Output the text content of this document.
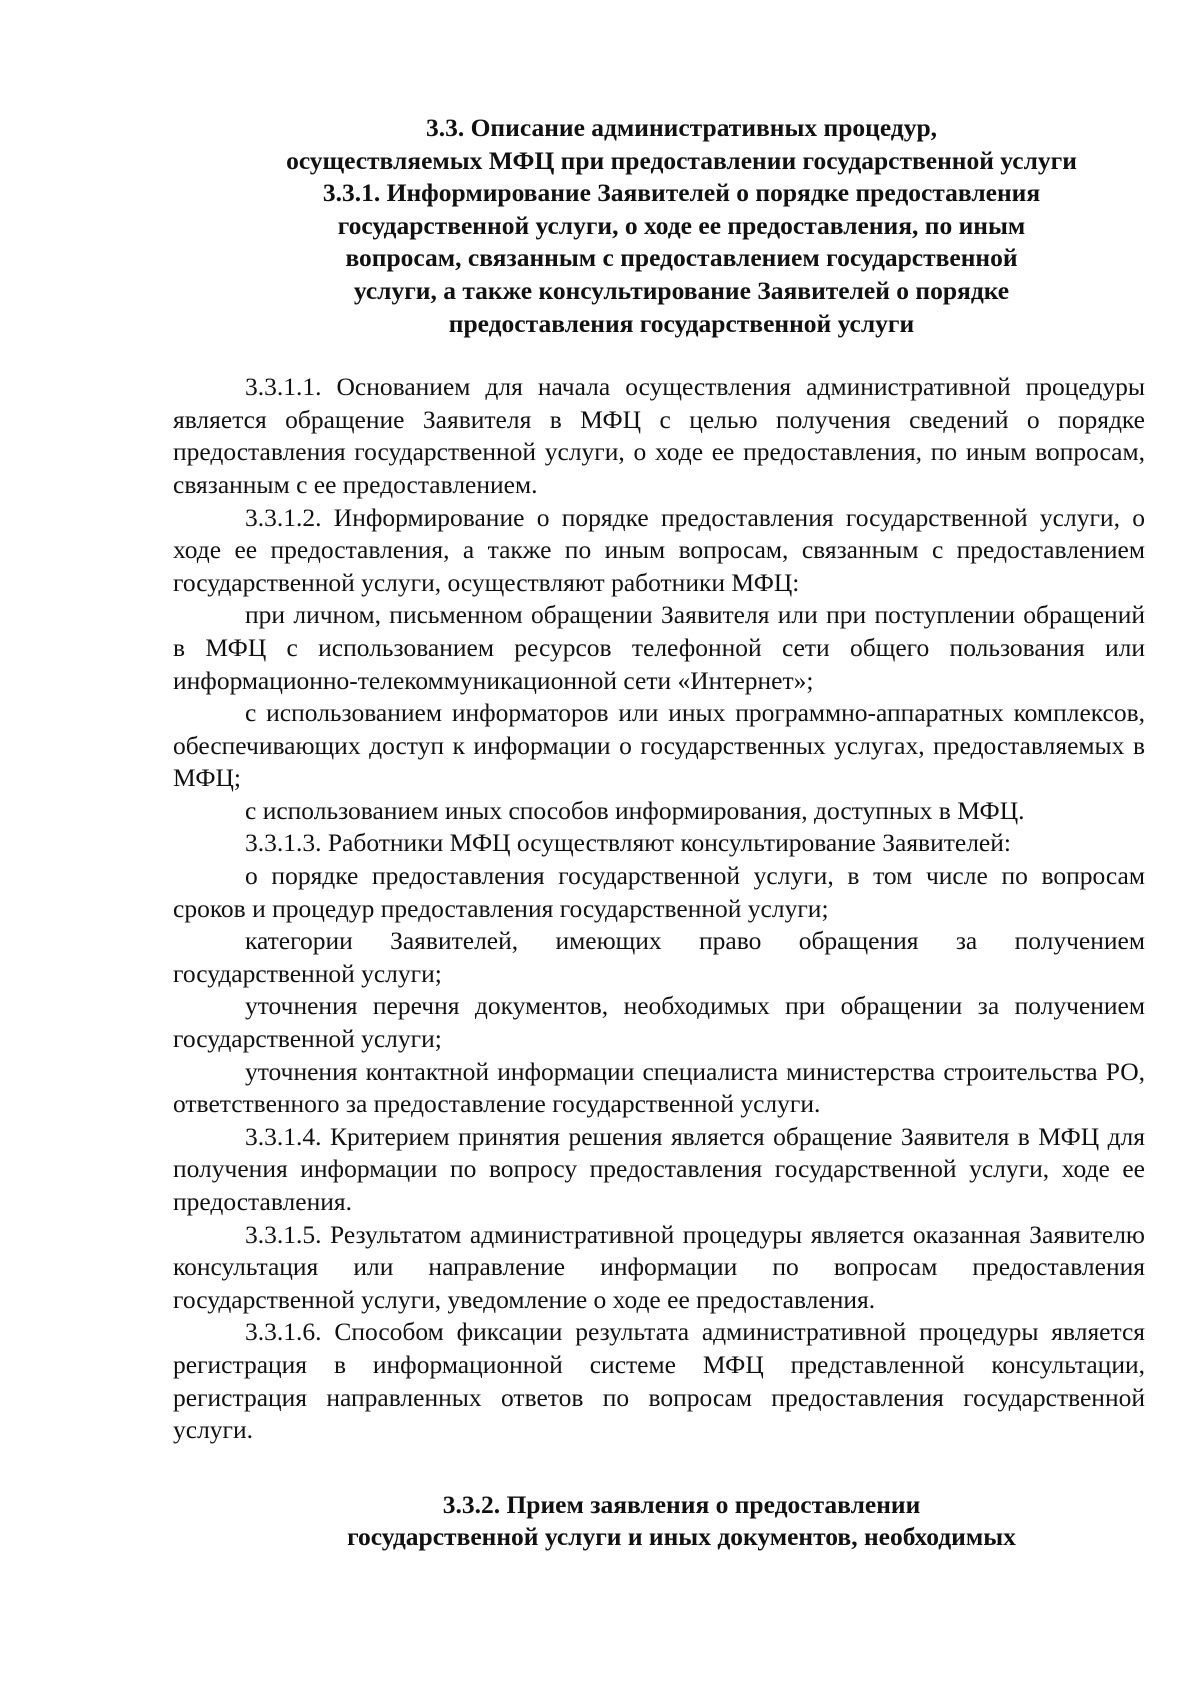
3.3. Описание административных процедур,
осуществляемых МФЦ при предоставлении государственной услуги
3.3.1. Информирование Заявителей о порядке предоставления
государственной услуги, о ходе ее предоставления, по иным
вопросам, связанным с предоставлением государственной
услуги, а также консультирование Заявителей о порядке
предоставления государственной услуги

3.3.1.1. Основанием для начала осуществления административной процедуры является обращение Заявителя в МФЦ с целью получения сведений о порядке предоставления государственной услуги, о ходе ее предоставления, по иным вопросам, связанным с ее предоставлением.

3.3.1.2. Информирование о порядке предоставления государственной услуги, о ходе ее предоставления, а также по иным вопросам, связанным с предоставлением государственной услуги, осуществляют работники МФЦ:

при личном, письменном обращении Заявителя или при поступлении обращений в МФЦ с использованием ресурсов телефонной сети общего пользования или информационно-телекоммуникационной сети «Интернет»;

с использованием информаторов или иных программно-аппаратных комплексов, обеспечивающих доступ к информации о государственных услугах, предоставляемых в МФЦ;

с использованием иных способов информирования, доступных в МФЦ.

3.3.1.3. Работники МФЦ осуществляют консультирование Заявителей:

о порядке предоставления государственной услуги, в том числе по вопросам сроков и процедур предоставления государственной услуги;

категории Заявителей, имеющих право обращения за получением государственной услуги;

уточнения перечня документов, необходимых при обращении за получением государственной услуги;

уточнения контактной информации специалиста министерства строительства РО, ответственного за предоставление государственной услуги.

3.3.1.4. Критерием принятия решения является обращение Заявителя в МФЦ для получения информации по вопросу предоставления государственной услуги, ходе ее предоставления.

3.3.1.5. Результатом административной процедуры является оказанная Заявителю консультация или направление информации по вопросам предоставления государственной услуги, уведомление о ходе ее предоставления.

3.3.1.6. Способом фиксации результата административной процедуры является регистрация в информационной системе МФЦ представленной консультации, регистрация направленных ответов по вопросам предоставления государственной услуги.

3.3.2. Прием заявления о предоставлении
государственной услуги и иных документов, необходимых
